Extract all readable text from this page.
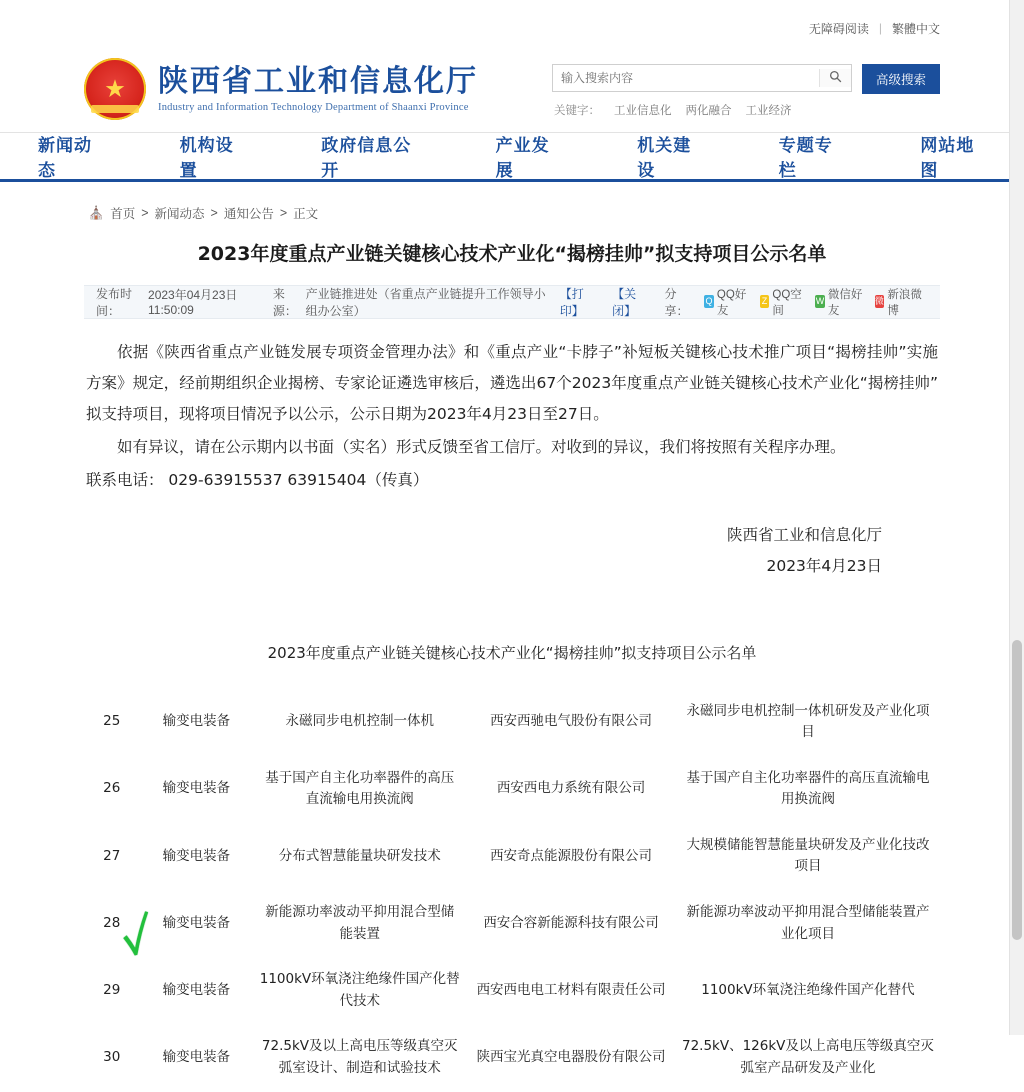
无障碍阅读 | 繁體中文
★
陕西省工业和信息化厅
Industry and Information Technology Department of Shaanxi Province
输入搜索内容
高级搜索
关键字： 工业信息化 两化融合 工业经济
新闻动态
机构设置
政府信息公开
产业发展
机关建设
专题专栏
网站地图
⛪ 首页 > 新闻动态 > 通知公告 > 正文
2023年度重点产业链关键核心技术产业化“揭榜挂帅”拟支持项目公示名单
发布时间：
2023年04月23日 11:50:09
来源：
产业链推进处（省重点产业链提升工作领导小组办公室）
【打印】
【关闭】
分享：
Q
QQ好友
Z
QQ空间
W
微信好友
微
新浪微博

依据《陕西省重点产业链发展专项资金管理办法》和《重点产业“卡脖子”补短板关键核心技术推广项目“揭榜挂帅”实施方案》规定，经前期组织企业揭榜、专家论证遴选审核后，遴选出67个2023年度重点产业链关键核心技术产业化“揭榜挂帅”拟支持项目，现将项目情况予以公示，公示日期为2023年4月23日至27日。

如有异议，请在公示期内以书面（实名）形式反馈至省工信厅。对收到的异议，我们将按照有关程序办理。

联系电话： 029-63915537 63915404（传真）

陕西省工业和信息化厅
2023年4月23日
2023年度重点产业链关键核心技术产业化“揭榜挂帅”拟支持项目公示名单
25	输变电装备	永磁同步电机控制一体机	西安西驰电气股份有限公司	永磁同步电机控制一体机研发及产业化项目
26	输变电装备	基于国产自主化功率器件的高压直流输电用换流阀	西安西电力系统有限公司	基于国产自主化功率器件的高压直流输电用换流阀
27	输变电装备	分布式智慧能量块研发技术	西安奇点能源股份有限公司	大规模储能智慧能量块研发及产业化技改项目
28	输变电装备	新能源功率波动平抑用混合型储能装置	西安合容新能源科技有限公司	新能源功率波动平抑用混合型储能装置产业化项目
29	输变电装备	1100kV环氧浇注绝缘件国产化替代技术	西安西电电工材料有限责任公司	1100kV环氧浇注绝缘件国产化替代
30	输变电装备	72.5kV及以上高电压等级真空灭弧室设计、制造和试验技术	陕西宝光真空电器股份有限公司	72.5kV、126kV及以上高电压等级真空灭弧室产品研发及产业化
✓
